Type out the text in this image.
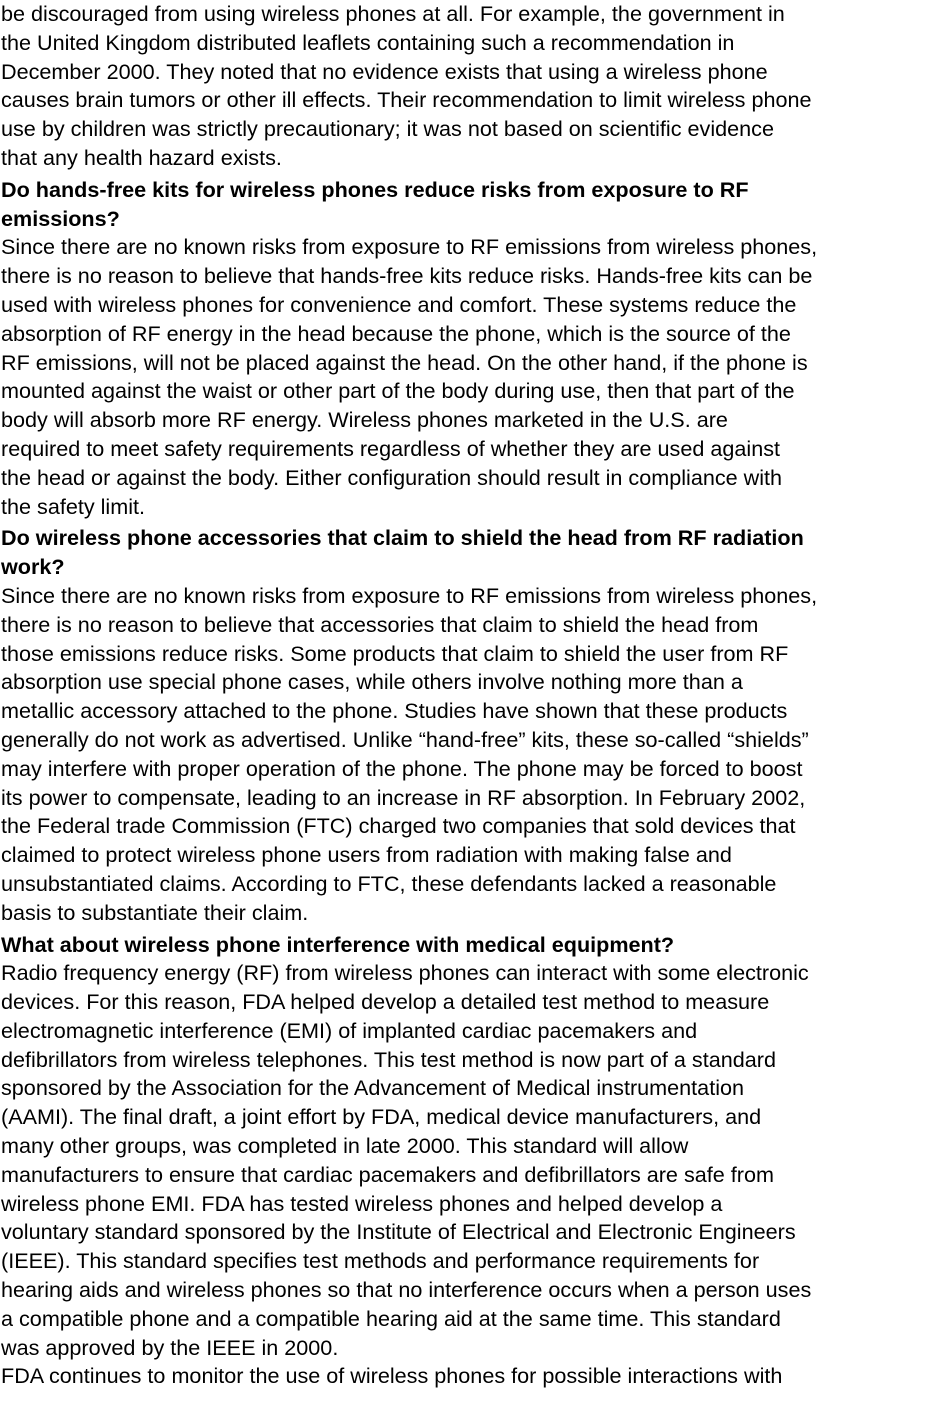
be discouraged from using wireless phones at all. For example, the government in
the United Kingdom distributed leaflets containing such a recommendation in
December 2000. They noted that no evidence exists that using a wireless phone
causes brain tumors or other ill effects. Their recommendation to limit wireless phone
use by children was strictly precautionary; it was not based on scientific evidence
that any health hazard exists.

Do hands-free kits for wireless phones reduce risks from exposure to RF
emissions?

Since there are no known risks from exposure to RF emissions from wireless phones,
there is no reason to believe that hands-free kits reduce risks. Hands-free kits can be
used with wireless phones for convenience and comfort. These systems reduce the
absorption of RF energy in the head because the phone, which is the source of the
RF emissions, will not be placed against the head. On the other hand, if the phone is
mounted against the waist or other part of the body during use, then that part of the
body will absorb more RF energy. Wireless phones marketed in the U.S. are
required to meet safety requirements regardless of whether they are used against
the head or against the body. Either configuration should result in compliance with
the safety limit.

Do wireless phone accessories that claim to shield the head from RF radiation
work?

Since there are no known risks from exposure to RF emissions from wireless phones,
there is no reason to believe that accessories that claim to shield the head from
those emissions reduce risks. Some products that claim to shield the user from RF
absorption use special phone cases, while others involve nothing more than a
metallic accessory attached to the phone. Studies have shown that these products
generally do not work as advertised. Unlike “hand-free” kits, these so-called “shields”
may interfere with proper operation of the phone. The phone may be forced to boost
its power to compensate, leading to an increase in RF absorption. In February 2002,
the Federal trade Commission (FTC) charged two companies that sold devices that
claimed to protect wireless phone users from radiation with making false and
unsubstantiated claims. According to FTC, these defendants lacked a reasonable
basis to substantiate their claim.

What about wireless phone interference with medical equipment?

Radio frequency energy (RF) from wireless phones can interact with some electronic
devices. For this reason, FDA helped develop a detailed test method to measure
electromagnetic interference (EMI) of implanted cardiac pacemakers and
defibrillators from wireless telephones. This test method is now part of a standard
sponsored by the Association for the Advancement of Medical instrumentation
(AAMI). The final draft, a joint effort by FDA, medical device manufacturers, and
many other groups, was completed in late 2000. This standard will allow
manufacturers to ensure that cardiac pacemakers and defibrillators are safe from
wireless phone EMI. FDA has tested wireless phones and helped develop a
voluntary standard sponsored by the Institute of Electrical and Electronic Engineers
(IEEE). This standard specifies test methods and performance requirements for
hearing aids and wireless phones so that no interference occurs when a person uses
a compatible phone and a compatible hearing aid at the same time. This standard
was approved by the IEEE in 2000.

FDA continues to monitor the use of wireless phones for possible interactions with
